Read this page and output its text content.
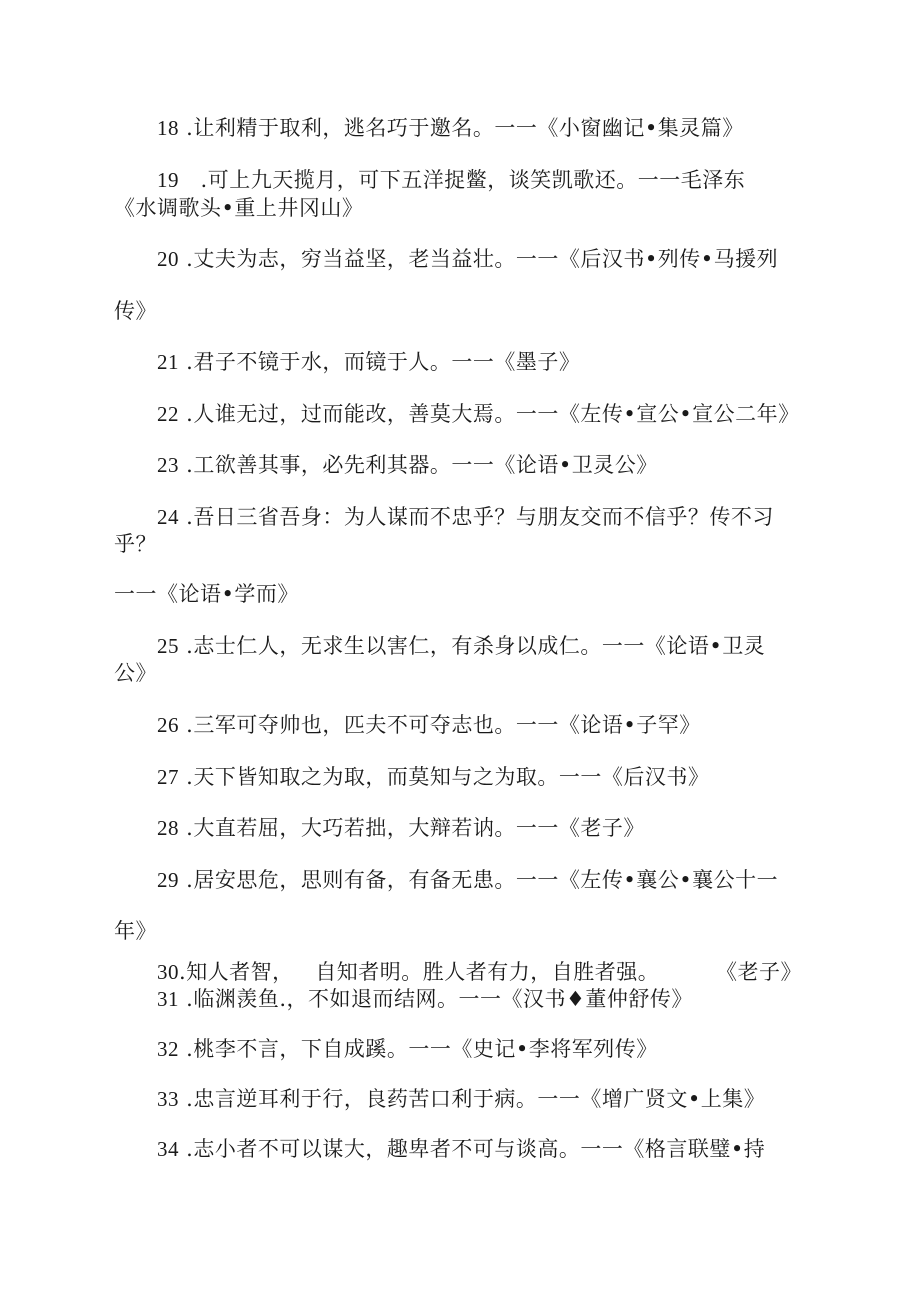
18 .让利精于取利，逃名巧于邀名。一一《小窗幽记•集灵篇》
19   .可上九天揽月，可下五洋捉鳖，谈笑凯歌还。一一毛泽东
《水调歌头•重上井冈山》
20 .丈夫为志，穷当益坚，老当益壮。一一《后汉书•列传•马援列
传》
21 .君子不镜于水，而镜于人。一一《墨子》
22 .人谁无过，过而能改，善莫大焉。一一《左传•宣公•宣公二年》
23 .工欲善其事，必先利其器。一一《论语•卫灵公》
24 .吾日三省吾身：为人谋而不忠乎？与朋友交而不信乎？传不习
乎？
一一《论语•学而》
25 .志士仁人，无求生以害仁，有杀身以成仁。一一《论语•卫灵
公》
26 .三军可夺帅也，匹夫不可夺志也。一一《论语•子罕》
27 .天下皆知取之为取，而莫知与之为取。一一《后汉书》
28 .大直若屈，大巧若拙，大辩若讷。一一《老子》
29 .居安思危，思则有备，有备无患。一一《左传•襄公•襄公十一
年》
30.知人者智，   自知者明。胜人者有力，自胜者强。	《老子》
31 .临渊羡鱼.，不如退而结网。一一《汉书♦董仲舒传》
32 .桃李不言，下自成蹊。一一《史记•李将军列传》
33 .忠言逆耳利于行，良药苦口利于病。一一《增广贤文•上集》
34 .志小者不可以谋大，趣卑者不可与谈高。一一《格言联璧•持
